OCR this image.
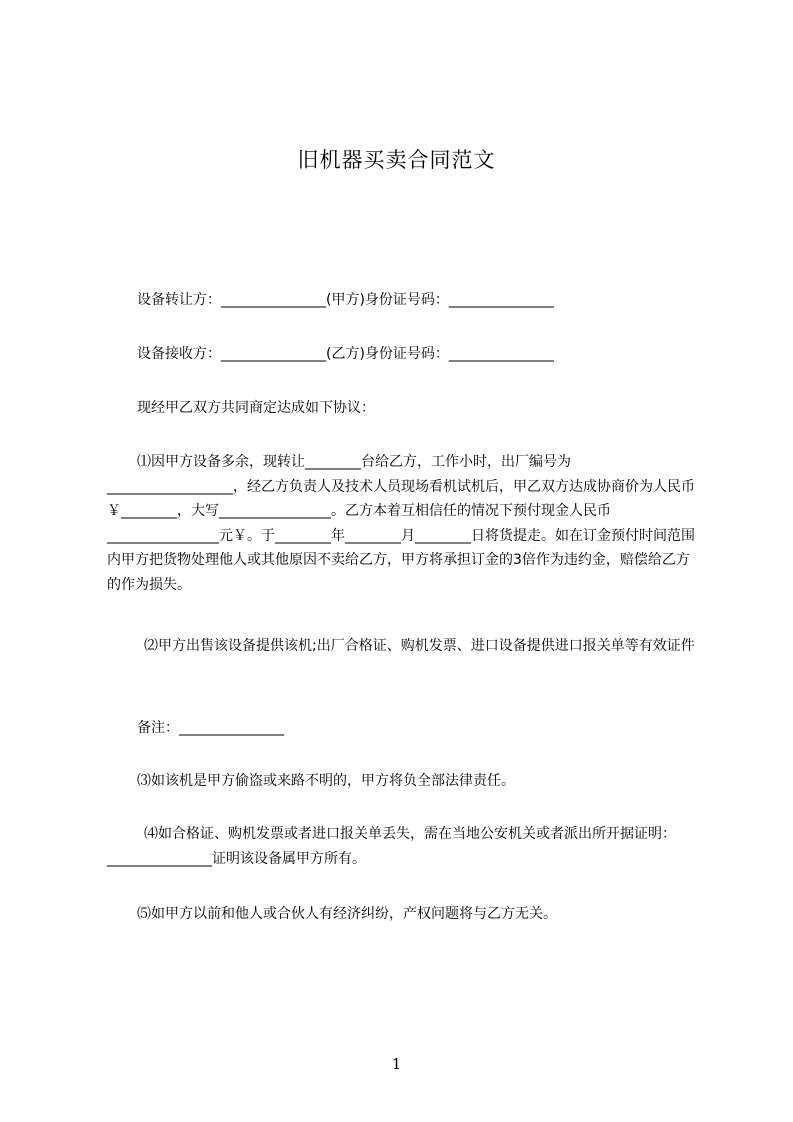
旧机器买卖合同范文
设备转让方：_______________(甲方)身份证号码：_______________
设备接收方：_______________(乙方)身份证号码：_______________
现经甲乙双方共同商定达成如下协议：
⑴因甲方设备多余，现转让________台给乙方，工作小时，出厂编号为__________________，经乙方负责人及技术人员现场看机试机后，甲乙双方达成协商价为人民币￥________，大写________________。乙方本着互相信任的情况下预付现金人民币________________元￥。于________年________月________日将货提走。如在订金预付时间范围内甲方把货物处理他人或其他原因不卖给乙方，甲方将承担订金的3倍作为违约金，赔偿给乙方的作为损失。
⑵甲方出售该设备提供该机;出厂合格证、购机发票、进口设备提供进口报关单等有效证件
备注：_______________
⑶如该机是甲方偷盗或来路不明的，甲方将负全部法律责任。
⑷如合格证、购机发票或者进口报关单丢失，需在当地公安机关或者派出所开据证明：_______________证明该设备属甲方所有。
⑸如甲方以前和他人或合伙人有经济纠纷，产权问题将与乙方无关。
1
